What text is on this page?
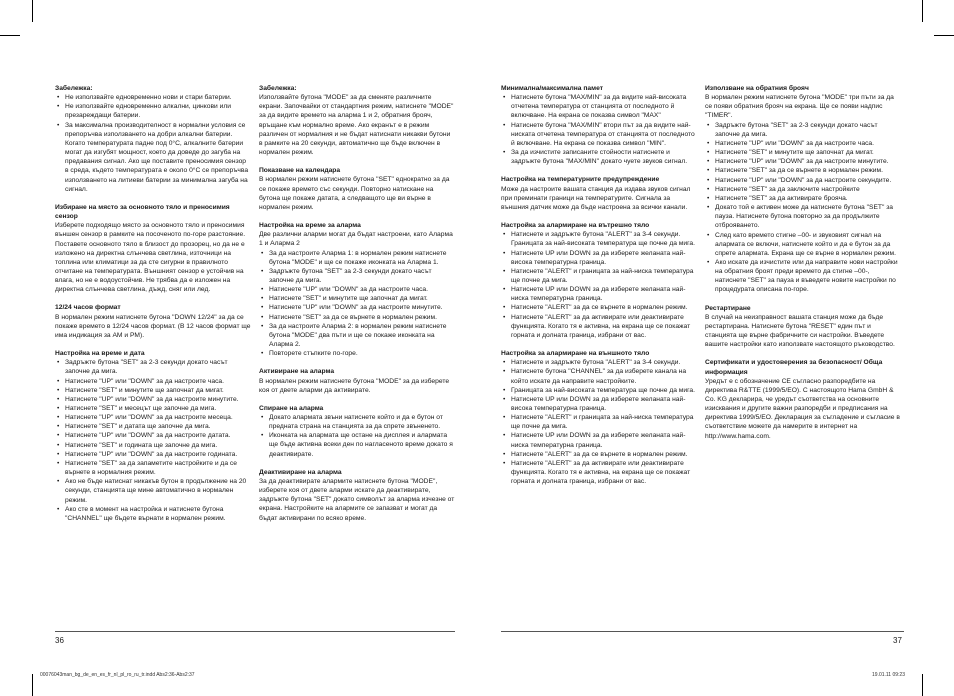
Забележка:
• Не използвайте едновременно нови и стари батерии.
• Не използвайте едновременно алкални, цинкови или презареждащи батерии.
• За максимална производителност в нормални условия се препоръчва използването на добри алкални батерии. Когато температурата падне под 0°C, алкалните батерии могат да изгубят мощност, което да доведе до загуба на предавания сигнал. Ако ще поставите преносимия сензор в среда, където температурата е около 0°C се препоръчва използването на литиеви батерии за минимална загуба на сигнал.
Избиране на място за основното тяло и преносимия сензор

Изберете подходящо място за основното тяло и преносимия външен сензор в рамките на посоченото по-горе разстояние. Поставете основното тяло в близост до прозорец, но да не е изложено на директна слънчева светлина, източници на топлина или климатици за да сте сигурни в правилното отчитане на температурата. Външният сензор е устойчив на влага, но не е водоустойчив. Не трябва да е изложен на директна слънчева светлина, дъжд, сняг или лед.

12/24 часов формат

В нормален режим натиснете бутона "DOWN 12/24" за да се покаже времето в 12/24 часов формат. (В 12 часов формат ще има индикация за AM и PM).

Настройка на време и дата
• Задръжте бутона "SET" за 2-3 секунди докато часът започне да мига.
• Натиснете "UP" или "DOWN" за да настроите часа.
• Натиснете "SET" и минутите ще започнат да мигат.
• Натиснете "UP" или "DOWN" за да настроите минутите.
• Натиснете "SET" и месецът ще започне да мига.
• Натиснете "UP" или "DOWN" за да настроите месеца.
• Натиснете "SET" и датата ще започне да мига.
• Натиснете "UP" или "DOWN" за да настроите датата.
• Натиснете "SET" и годината ще започне да мига.
• Натиснете "UP" или "DOWN" за да настроите годината.
• Натиснете "SET" за да запаметите настройките и да се върнете в нормалния режим.
• Ако не бъде натиснат никакъв бутон в продължение на 20 секунди, станцията ще мине автоматично в нормален режим.
• Ако сте в момент на настройка и натиснете бутона "CHANNEL" ще бъдете върнати в нормален режим.
Забележка:

Използвайте бутона "MODE" за да сменяте различните екрани. Започвайки от стандартния режим, натиснете "MODE" за да видите времето на аларма 1 и 2, обратния брояч, връщане към нормално време. Ако екранът е в режим различен от нормалния и не бъдат натиснати никакви бутони в рамките на 20 секунди, автоматично ще бъде включен в нормален режим.

Показване на календара

В нормален режим натиснете бутона "SET" еднократно за да се покаже времето със секунди. Повторно натискане на бутона ще покаже датата, а следващото ще ви върне в нормален режим.

Настройка на време за аларма

Две различни аларми могат да бъдат настроени, като Аларма 1 и Аларма 2

• За да настроите Аларма 1: в нормален режим натиснете бутона "MODE" и ще се покаже иконката на Аларма 1.
• Задръжте бутона "SET" за 2-3 секунди докато часът започне да мига.
• Натиснете "UP" или "DOWN" за да настроите часа.
• Натиснете "SET" и минутите ще започнат да мигат.
• Натиснете "UP" или "DOWN" за да настроите минутите.
• Натиснете "SET" за да се върнете в нормален режим.
• За да настроите Аларма 2: в нормален режим натиснете бутона "MODE" два пъти и ще се покаже иконката на Аларма 2.
• Повторете стъпките по-горе.
Активиране на аларма

В нормален режим натиснете бутона "MODE" за да изберете коя от двете аларми да активирате.

Спиране на аларма
• Докато алармата звъни натиснете който и да е бутон от предната страна на станцията за да спрете звъненето.
• Иконката на алармата ще остане на дисплея и алармата ще бъде активна всеки ден по нагласеното време докато я деактивирате.
Деактивиране на аларма

За да деактивирате алармите натиснете бутона "MODE", изберете коя от двете аларми искате да деактивирате, задръжте бутона "SET" докато символът за аларма изчезне от екрана. Настройките на алармите се запазват и могат да бъдат активирани по всяко време.

Минимална/максимална памет
• Натиснете бутона "MAX/MIN" за да видите най-високата отчетена температура от станцията от последното й включване. На екрана се показва символ "MAX"
• Натиснете бутона "MAX/MIN" втори път за да видите най-ниската отчетена температура от станцията от последното й включване. На екрана се показва символ "MIN".
• За да изчистите записаните стойности натиснете и задръжте бутона "MAX/MIN" докато чуете звуков сигнал.
Настройка на температурните предупреждение

Може да настроите вашата станция да издава звуков сигнал при преминати граници на температурите. Сигнала за външния датчик може да бъде настроена за всички канали.

Настройка за алармиране на вътрешно тяло
• Натиснете и задръжте бутона "ALERT" за 3-4 секунди. Границата за най-високата температура ще почне да мига.
• Натиснете UP или DOWN за да изберете желаната най-висока температурна граница.
• Натиснете "ALERT" и границата за най-ниска температура ще почне да мига.
• Натиснете UP или DOWN за да изберете желаната най-ниска температурна граница.
• Натиснете "ALERT" за да се върнете в нормален режим.
• Натиснете "ALERT" за да активирате или деактивирате функцията. Когато тя е активна, на екрана ще се покажат горната и долната граница, избрани от вас.
Настройка за алармиране на външното тяло
• Натиснете и задръжте бутона "ALERT" за 3-4 секунди.
• Натиснете бутона "CHANNEL" за да изберете канала на който искате да направите настройките.
• Границата за най-високата температура ще почне да мига.
• Натиснете UP или DOWN за да изберете желаната най-висока температурна граница.
• Натиснете "ALERT" и границата за най-ниска температура ще почне да мига.
• Натиснете UP или DOWN за да изберете желаната най-ниска температурна граница.
• Натиснете "ALERT" за да се върнете в нормален режим.
• Натиснете "ALERT" за да активирате или деактивирате функцията. Когато тя е активна, на екрана ще се покажат горната и долната граница, избрани от вас.
Използване на обратния брояч

В нормален режим натиснете бутона "MODE" три пъти за да се появи обратния брояч на екрана. Ще се появи надпис "TIMER".

• Задръжте бутона "SET" за 2-3 секунди докато часът започне да мига.
• Натиснете "UP" или "DOWN" за да настроите часа.
• Натиснете "SET" и минутите ще започнат да мигат.
• Натиснете "UP" или "DOWN" за да настроите минутите.
• Натиснете "SET" за да се върнете в нормален режим.
• Натиснете "UP" или "DOWN" за да настроите секундите.
• Натиснете "SET" за да заключите настройките
• Натиснете "SET" за да активирате брояча.
• Докато той е активен може да натиснете бутона "SET" за пауза. Натиснете бутона повторно за да продължите отброяването.
• След като времето стигне –00- и звуковият сигнал на алармата се включи, натиснете който и да е бутон за да спрете алармата. Екрана ще се върне в нормален режим.
• Ако искате да изчистите или да направите нови настройки на обратния броят преди времето да стигне –00-, натиснете "SET" за пауза и въведете новите настройки по процедурата описана по-горе.
Рестартиране

В случай на неизправност вашата станция може да бъде рестартирана. Натиснете бутона "RESET" един път и станцията ще върне фабричните си настройки. Въведете вашите настройки като използвате настоящото ръководство.

Сертификати и удостоверения за безопасност/ Обща информация

Уредът е с обозначение CE съгласно разпоредбите на директива R&TTE (1999/5/EO). С настоящото Hama GmbH & Co. KG декларира, че уредът съответства на основните изисквания и другите важни разпоредби и предписания на директива 1999/5/EO. Декларация за съгладение и съгласие в съответствие можете да намерите в интернет на http://www.hama.com.

36	37
00076043man_bg_de_en_es_fr_nl_pl_ro_ru_tr.indd Abs2:36-Abs2:37	19.01.11 09:23
